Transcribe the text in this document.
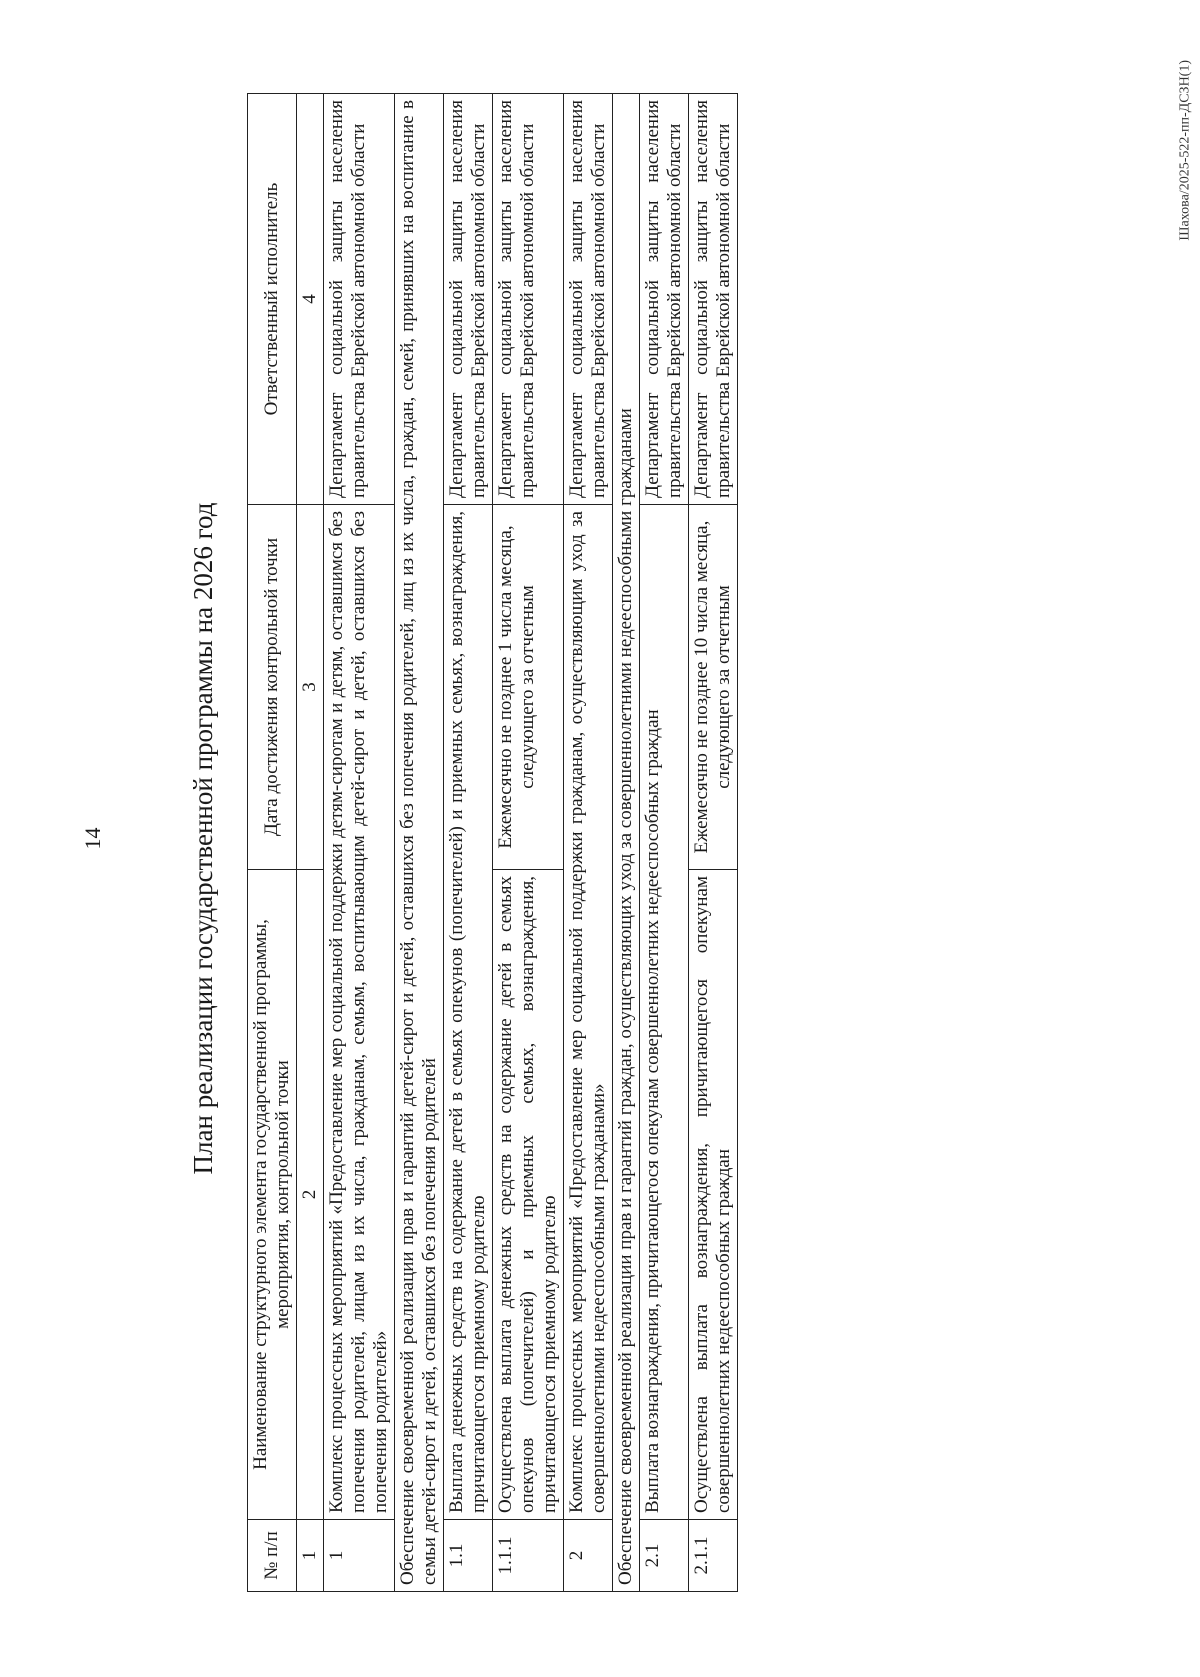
14	План реализации государственной программы на 2026 год
№ п/п	Наименование структурного элемента государственной программы, мероприятия, контрольной точки	Дата достижения контрольной точки	Ответственный исполнитель
1	2	3	4
1	Комплекс процессных мероприятий «Предоставление мер социальной поддержки детям-сиротам и детям, оставшимся без попечения родителей, лицам из их числа, гражданам, семьям, воспитывающим детей-сирот и детей, оставшихся без попечения родителей»		Департамент социальной защиты населения правительства Еврейской автономной области
Обеспечение своевременной реализации прав и гарантий детей-сирот и детей, оставшихся без попечения родителей, лиц из их числа, граждан, семей, принявших на воспитание в семьи детей-сирот и детей, оставшихся без попечения родителей			
1.1	Выплата денежных средств на содержание детей в семьях опекунов (попечителей) и приемных семьях, вознаграждения, причитающегося приемному родителю		Департамент социальной защиты населения правительства Еврейской автономной области
1.1.1	Осуществлена выплата денежных средств на содержание детей в семьях опекунов (попечителей) и приемных семьях, вознаграждения, причитающегося приемному родителю	Ежемесячно не позднее 1 числа месяца, следующего за отчетным	Департамент социальной защиты населения правительства Еврейской автономной области
2	Комплекс процессных мероприятий «Предоставление мер социальной поддержки гражданам, осуществляющим уход за совершеннолетними недееспособными гражданами»		Департамент социальной защиты населения правительства Еврейской автономной области
Обеспечение своевременной реализации прав и гарантий граждан, осуществляющих уход за совершеннолетними недееспособными гражданами			
2.1	Выплата вознаграждения, причитающегося опекунам совершеннолетних недееспособных граждан		Департамент социальной защиты населения правительства Еврейской автономной области
2.1.1	Осуществлена выплата вознаграждения, причитающегося опекунам совершеннолетних недееспособных граждан	Ежемесячно не позднее 10 числа месяца, следующего за отчетным	Департамент социальной защиты населения правительства Еврейской автономной области	Шахова/2025-522-пп-ДСЗН(1)
